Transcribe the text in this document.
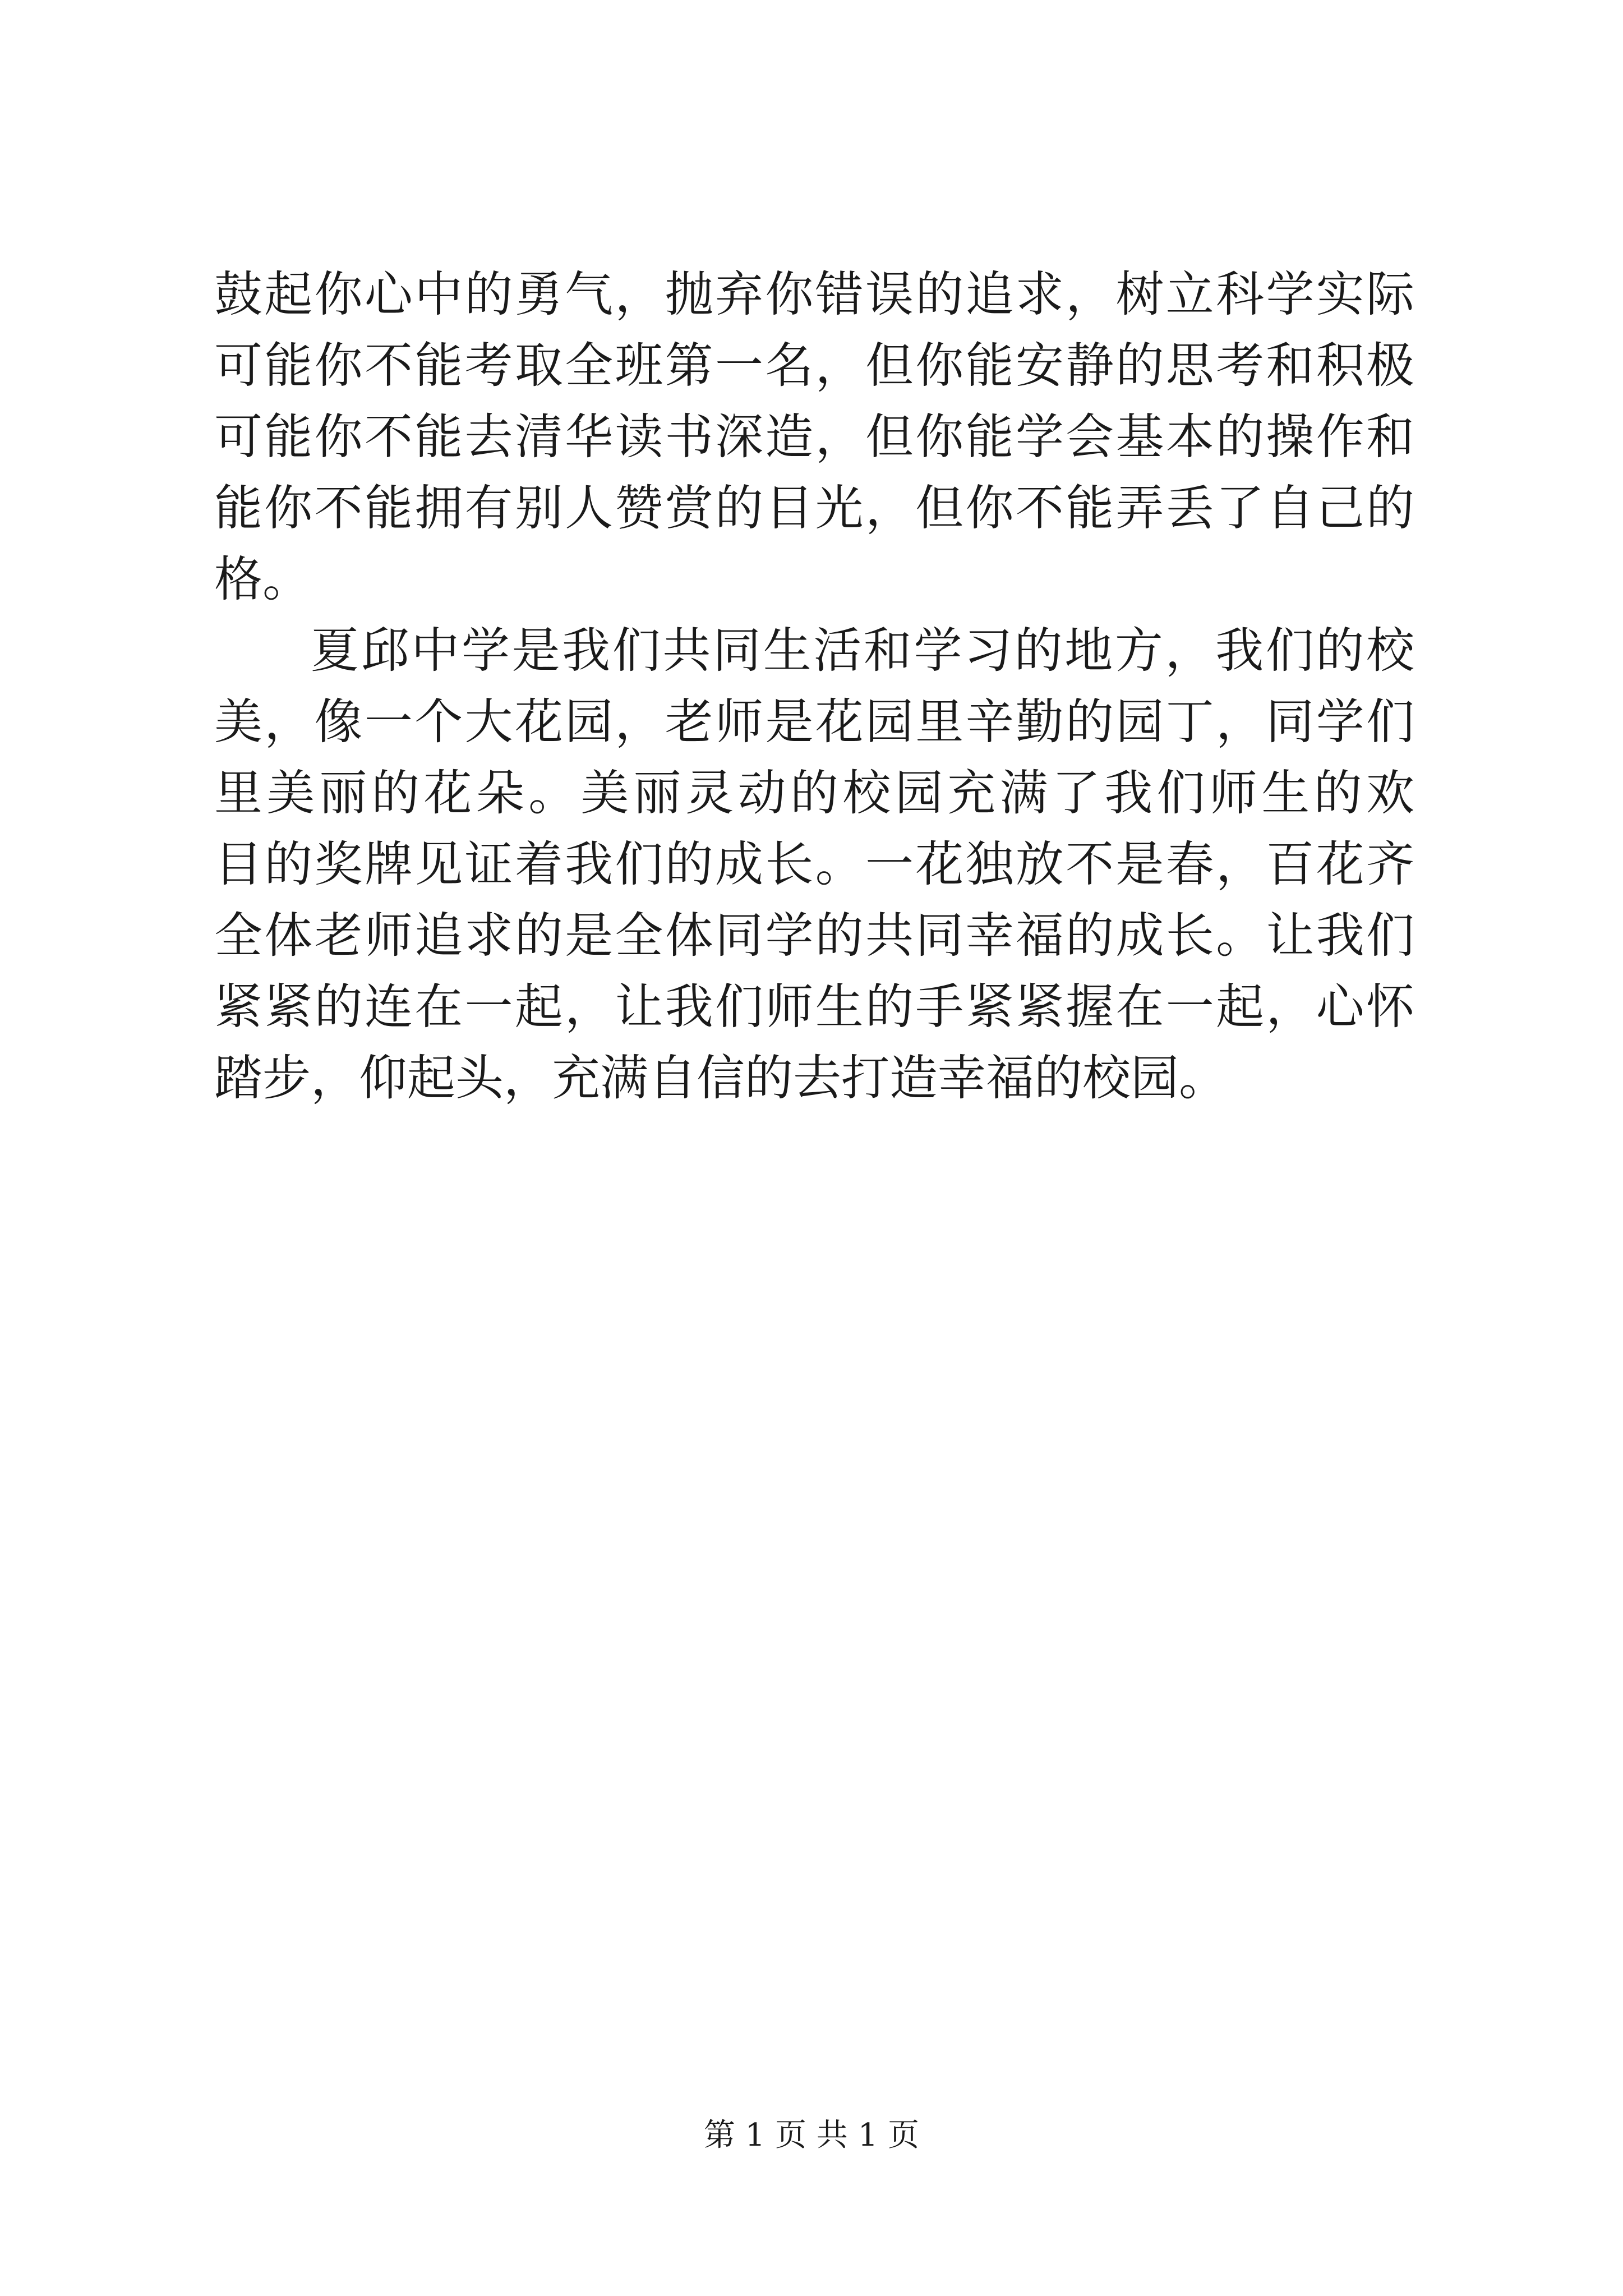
鼓起你心中的勇气，抛弃你错误的追求，树立科学实际
可能你不能考取全班第一名，但你能安静的思考和积极
可能你不能去清华读书深造，但你能学会基本的操作和
能你不能拥有别人赞赏的目光，但你不能弄丢了自己的
格。
夏邱中学是我们共同生活和学习的地方，我们的校
美，像一个大花园，老师是花园里辛勤的园丁，同学们
里美丽的花朵。美丽灵动的校园充满了我们师生的欢
目的奖牌见证着我们的成长。一花独放不是春，百花齐
全体老师追求的是全体同学的共同幸福的成长。让我们
紧紧的连在一起，让我们师生的手紧紧握在一起，心怀
踏步，仰起头，充满自信的去打造幸福的校园。
第 1 页 共 1 页
